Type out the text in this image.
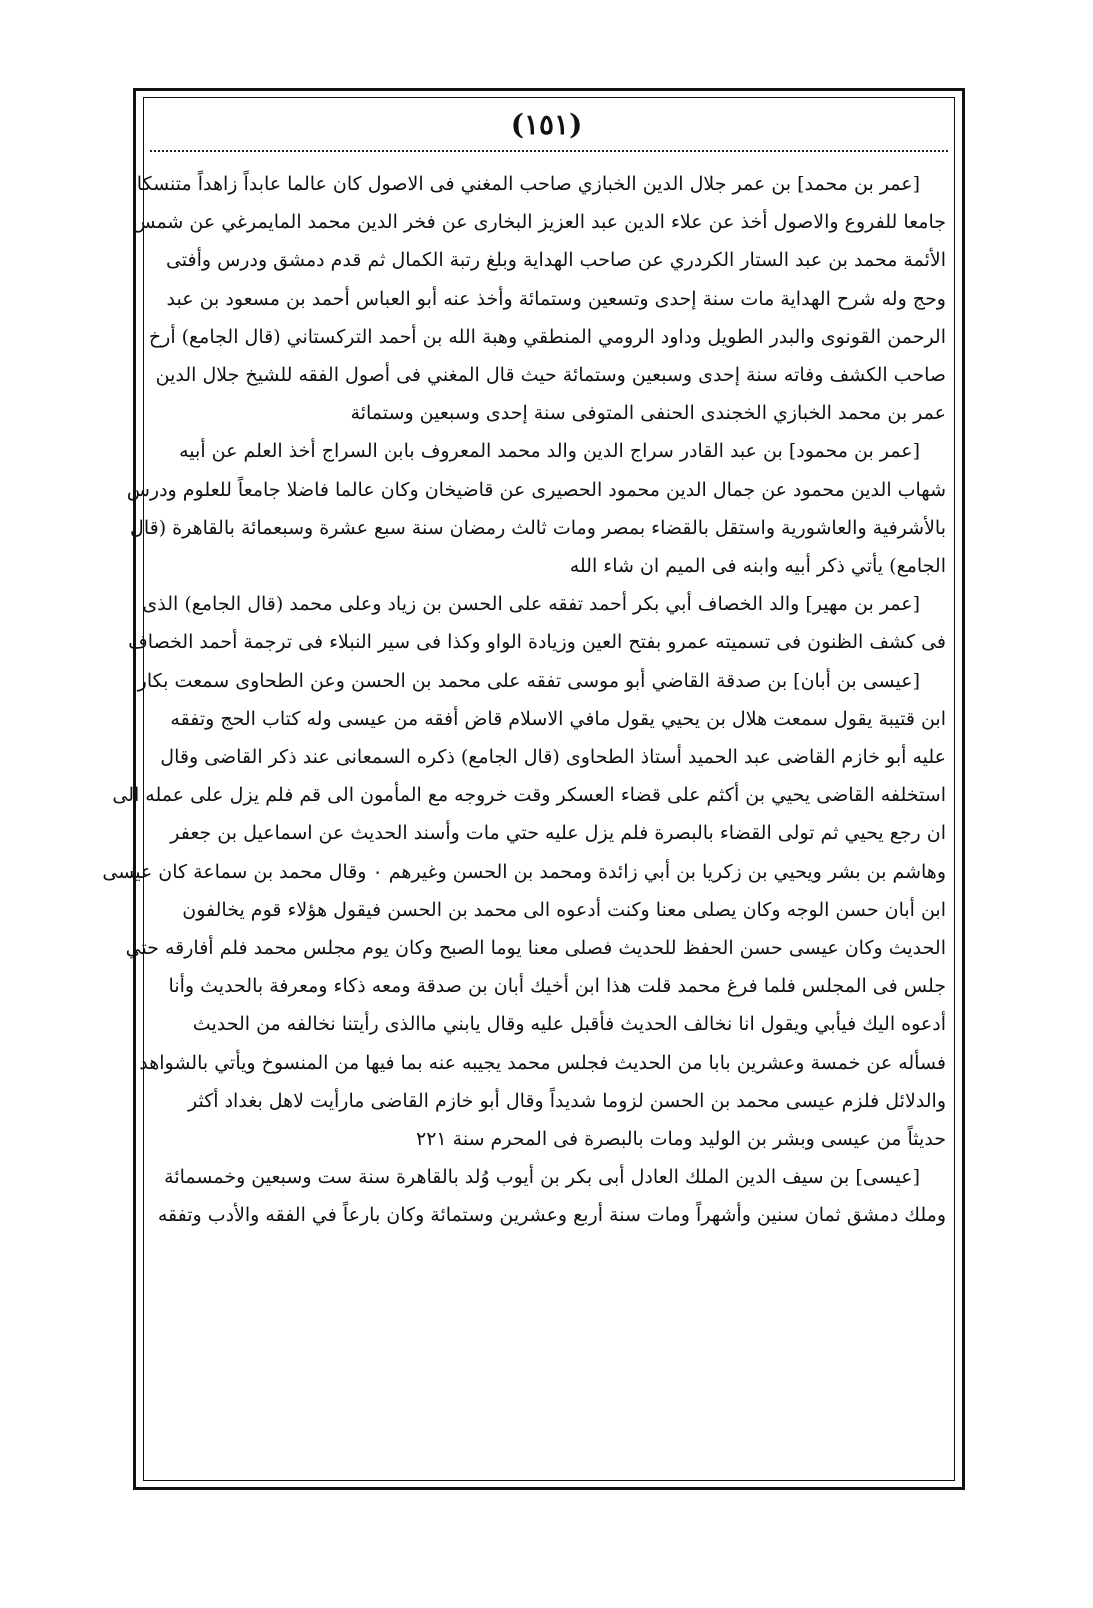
(١٥١)
[عمر بن محمد] بن عمر جلال الدين الخبازي صاحب المغني فى الاصول كان عالما عابداً زاهداً متنسكا
جامعا للفروع والاصول أخذ عن علاء الدين عبد العزيز البخارى عن فخر الدين محمد المايمرغي عن شمس
الأئمة محمد بن عبد الستار الكردري عن صاحب الهداية وبلغ رتبة الكمال ثم قدم دمشق ودرس وأفتى
وحج وله شرح الهداية مات سنة إحدى وتسعين وستمائة وأخذ عنه أبو العباس أحمد بن مسعود بن عبد
الرحمن القونوى والبدر الطويل وداود الرومي المنطقي وهبة الله بن أحمد التركستاني (قال الجامع) أرخ
صاحب الكشف وفاته سنة إحدى وسبعين وستمائة حيث قال المغني فى أصول الفقه للشيخ جلال الدين
عمر بن محمد الخبازي الخجندى الحنفى المتوفى سنة إحدى وسبعين وستمائة
[عمر بن محمود] بن عبد القادر سراج الدين والد محمد المعروف بابن السراج أخذ العلم عن أبيه
شهاب الدين محمود عن جمال الدين محمود الحصيرى عن قاضيخان وكان عالما فاضلا جامعاً للعلوم ودرس
بالأشرفية والعاشورية واستقل بالقضاء بمصر ومات ثالث رمضان سنة سبع عشرة وسبعمائة بالقاهرة (قال
الجامع) يأتي ذكر أبيه وابنه فى الميم ان شاء الله
[عمر بن مهير] والد الخصاف أبي بكر أحمد تفقه على الحسن بن زياد وعلى محمد (قال الجامع) الذى
فى كشف الظنون فى تسميته عمرو بفتح العين وزيادة الواو وكذا فى سير النبلاء فى ترجمة أحمد الخصاف
[عيسى بن أبان] بن صدقة القاضي أبو موسى تفقه على محمد بن الحسن وعن الطحاوى سمعت بكار
ابن قتيبة يقول سمعت هلال بن يحيي يقول مافي الاسلام قاض أفقه من عيسى وله كتاب الحج وتفقه
عليه أبو خازم القاضى عبد الحميد أستاذ الطحاوى (قال الجامع) ذكره السمعانى عند ذكر القاضى وقال
استخلفه القاضى يحيي بن أكثم على قضاء العسكر وقت خروجه مع المأمون الى قم فلم يزل على عمله الى
ان رجع يحيي ثم تولى القضاء بالبصرة فلم يزل عليه حتي مات وأسند الحديث عن اسماعيل بن جعفر
وهاشم بن بشر ويحيي بن زكريا بن أبي زائدة ومحمد بن الحسن وغيرهم ٠ وقال محمد بن سماعة كان عيسى
ابن أبان حسن الوجه وكان يصلى معنا وكنت أدعوه الى محمد بن الحسن فيقول هؤلاء قوم يخالفون
الحديث وكان عيسى حسن الحفظ للحديث فصلى معنا يوما الصبح وكان يوم مجلس محمد فلم أفارقه حتي
جلس فى المجلس فلما فرغ محمد قلت هذا ابن أخيك أبان بن صدقة ومعه ذكاء ومعرفة بالحديث وأنا
أدعوه اليك فيأبي ويقول انا نخالف الحديث فأقبل عليه وقال يابني ماالذى رأيتنا نخالفه من الحديث
فسأله عن خمسة وعشرين بابا من الحديث فجلس محمد يجيبه عنه بما فيها من المنسوخ ويأتي بالشواهد
والدلائل فلزم عيسى محمد بن الحسن لزوما شديداً وقال أبو خازم القاضى مارأيت لاهل بغداد أكثر
حديثاً من عيسى وبشر بن الوليد ومات بالبصرة فى المحرم سنة ٢٢١
[عيسى] بن سيف الدين الملك العادل أبى بكر بن أيوب وُلد بالقاهرة سنة ست وسبعين وخمسمائة
وملك دمشق ثمان سنين وأشهراً ومات سنة أربع وعشرين وستمائة وكان بارعاً في الفقه والأدب وتفقه
